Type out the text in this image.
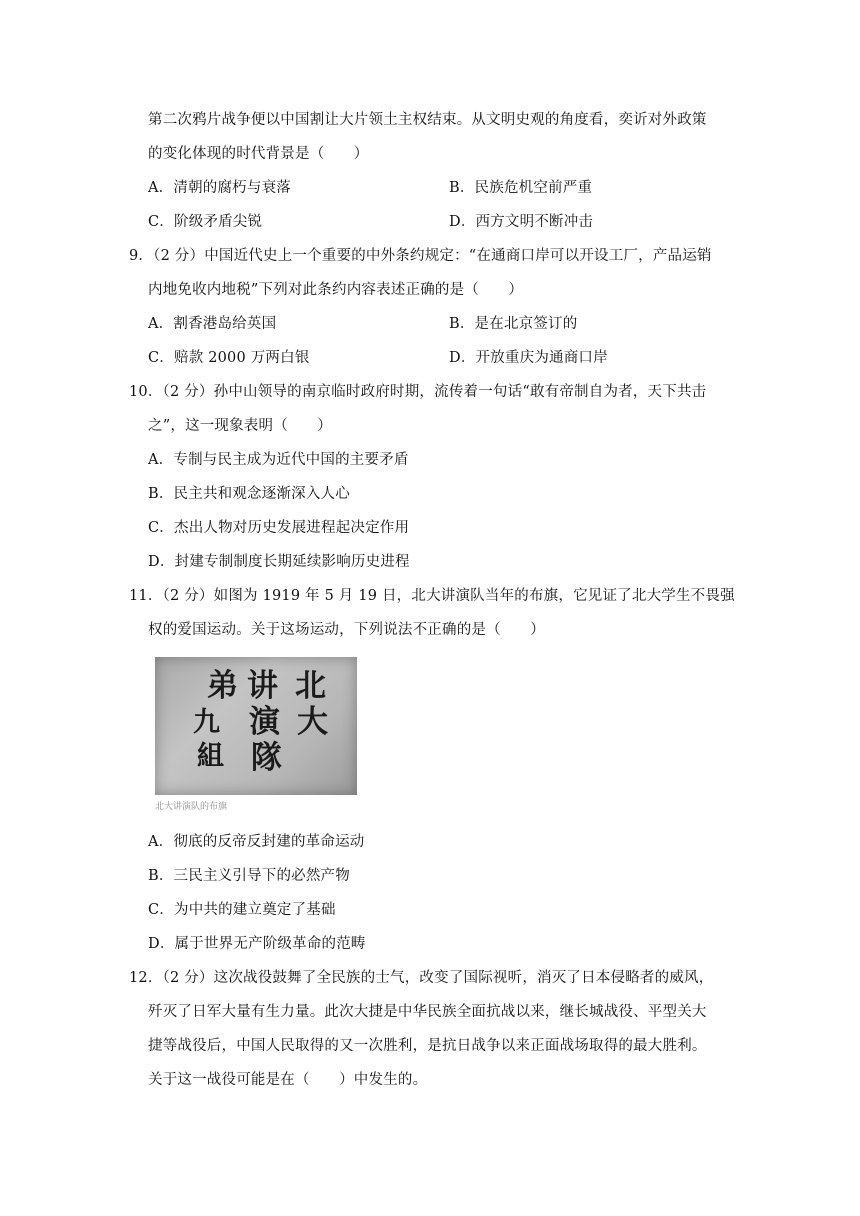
第二次鸦片战争便以中国割让大片领土主权结束。从文明史观的角度看，奕䜣对外政策
的变化体现的时代背景是（　　）
A．清朝的腐朽与衰落	B．民族危机空前严重
C．阶级矛盾尖锐	D．西方文明不断冲击
9．（2 分）中国近代史上一个重要的中外条约规定：“在通商口岸可以开设工厂，产品运销
内地免收内地税”下列对此条约内容表述正确的是（　　）
A．割香港岛给英国	B．是在北京签订的
C．赔款 2000 万两白银	D．开放重庆为通商口岸
10．（2 分）孙中山领导的南京临时政府时期，流传着一句话“敢有帝制自为者，天下共击
之”，这一现象表明（　　）
A．专制与民主成为近代中国的主要矛盾
B．民主共和观念逐渐深入人心
C．杰出人物对历史发展进程起决定作用
D．封建专制制度长期延续影响历史进程
11．（2 分）如图为 1919 年 5 月 19 日，北大讲演队当年的布旗，它见证了北大学生不畏强
权的爱国运动。关于这场运动，下列说法不正确的是（　　）
北
大
讲
演
隊
弟
九
組
北大讲演队的布旗
A．彻底的反帝反封建的革命运动
B．三民主义引导下的必然产物
C．为中共的建立奠定了基础
D．属于世界无产阶级革命的范畴
12．（2 分）这次战役鼓舞了全民族的士气，改变了国际视听，消灭了日本侵略者的威风，
歼灭了日军大量有生力量。此次大捷是中华民族全面抗战以来，继长城战役、平型关大
捷等战役后，中国人民取得的又一次胜利，是抗日战争以来正面战场取得的最大胜利。
关于这一战役可能是在（　　）中发生的。
